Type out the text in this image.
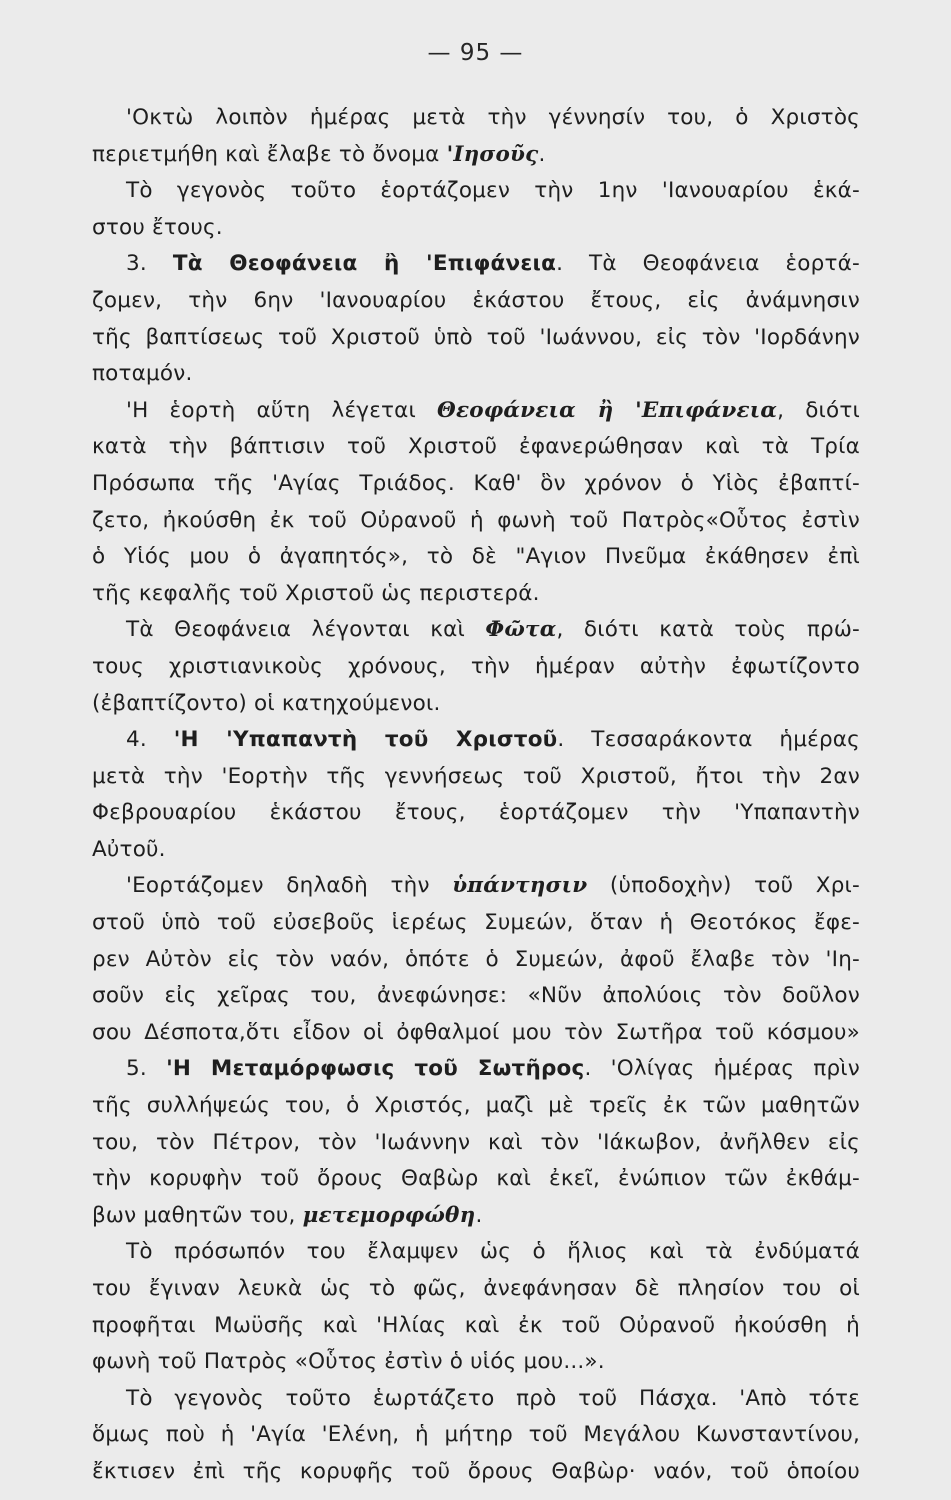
— 95 —
'Οκτὼ λοιπὸν ἡμέρας μετὰ τὴν γέννησίν του, ὁ Χριστὸς
περιετμήθη καὶ ἔλαβε τὸ ὄνομα 'Ιησοῦς.
Τὸ γεγονὸς τοῦτο ἑορτάζομεν τὴν 1ην 'Ιανουαρίου ἑκά-
στου ἔτους.
3. Τὰ Θεοφάνεια ἢ 'Επιφάνεια. Τὰ Θεοφάνεια ἑορτά-
ζομεν, τὴν 6ην 'Ιανουαρίου ἑκάστου ἔτους, εἰς ἀνάμνησιν
τῆς βαπτίσεως τοῦ Χριστοῦ ὑπὸ τοῦ 'Ιωάννου, εἰς τὸν 'Ιορδάνην
ποταμόν.
'Η ἑορτὴ αὕτη λέγεται Θεοφάνεια ἢ 'Επιφάνεια, διότι
κατὰ τὴν βάπτισιν τοῦ Χριστοῦ ἐφανερώθησαν καὶ τὰ Τρία
Πρόσωπα τῆς 'Αγίας Τριάδος. Καθ' ὃν χρόνον ὁ Υἱὸς ἐβαπτί-
ζετο, ἠκούσθη ἐκ τοῦ Οὐρανοῦ ἡ φωνὴ τοῦ Πατρὸς«Οὗτος ἐστὶν
ὁ Υἱός μου ὁ ἀγαπητός», τὸ δὲ "Αγιον Πνεῦμα ἐκάθησεν ἐπὶ
τῆς κεφαλῆς τοῦ Χριστοῦ ὡς περιστερά.
Τὰ Θεοφάνεια λέγονται καὶ Φῶτα, διότι κατὰ τοὺς πρώ-
τους χριστιανικοὺς χρόνους, τὴν ἡμέραν αὐτὴν ἐφωτίζοντο
(ἐβαπτίζοντο) οἱ κατηχούμενοι.
4. 'Η 'Υπαπαντὴ τοῦ Χριστοῦ. Τεσσαράκοντα ἡμέρας
μετὰ τὴν 'Εορτὴν τῆς γεννήσεως τοῦ Χριστοῦ, ἤτοι τὴν 2αν
Φεβρουαρίου ἑκάστου ἔτους, ἑορτάζομεν τὴν 'Υπαπαντὴν
Αὐτοῦ.
'Εορτάζομεν δηλαδὴ τὴν ὑπάντησιν (ὑποδοχὴν) τοῦ Χρι-
στοῦ ὑπὸ τοῦ εὐσεβοῦς ἱερέως Συμεών, ὅταν ἡ Θεοτόκος ἔφε-
ρεν Αὐτὸν εἰς τὸν ναόν, ὁπότε ὁ Συμεών, ἀφοῦ ἔλαβε τὸν 'Ιη-
σοῦν εἰς χεῖρας του, ἀνεφώνησε: «Νῦν ἀπολύοις τὸν δοῦλον
σου Δέσποτα,ὅτι εἶδον οἱ ὀφθαλμοί μου τὸν Σωτῆρα τοῦ κόσμου»
5. 'Η Μεταμόρφωσις τοῦ Σωτῆρος. 'Ολίγας ἡμέρας πρὶν
τῆς συλλήψεώς του, ὁ Χριστός, μαζὶ μὲ τρεῖς ἐκ τῶν μαθητῶν
του, τὸν Πέτρον, τὸν 'Ιωάννην καὶ τὸν 'Ιάκωβον, ἀνῆλθεν εἰς
τὴν κορυφὴν τοῦ ὄρους Θαβὼρ καὶ ἐκεῖ, ἐνώπιον τῶν ἐκθάμ-
βων μαθητῶν του, μετεμορφώθη.
Τὸ πρόσωπόν του ἔλαμψεν ὡς ὁ ἥλιος καὶ τὰ ἐνδύματά
του ἔγιναν λευκὰ ὡς τὸ φῶς, ἀνεφάνησαν δὲ πλησίον του οἱ
προφῆται Μωϋσῆς καὶ 'Ηλίας καὶ ἐκ τοῦ Οὐρανοῦ ἠκούσθη ἡ
φωνὴ τοῦ Πατρὸς «Οὗτος ἐστὶν ὁ υἱός μου...».
Τὸ γεγονὸς τοῦτο ἑωρτάζετο πρὸ τοῦ Πάσχα. 'Απὸ τότε
ὅμως ποὺ ἡ 'Αγία 'Ελένη, ἡ μήτηρ τοῦ Μεγάλου Κωνσταντίνου,
ἔκτισεν ἐπὶ τῆς κορυφῆς τοῦ ὄρους Θαβὼρ· ναόν, τοῦ ὁποίου
